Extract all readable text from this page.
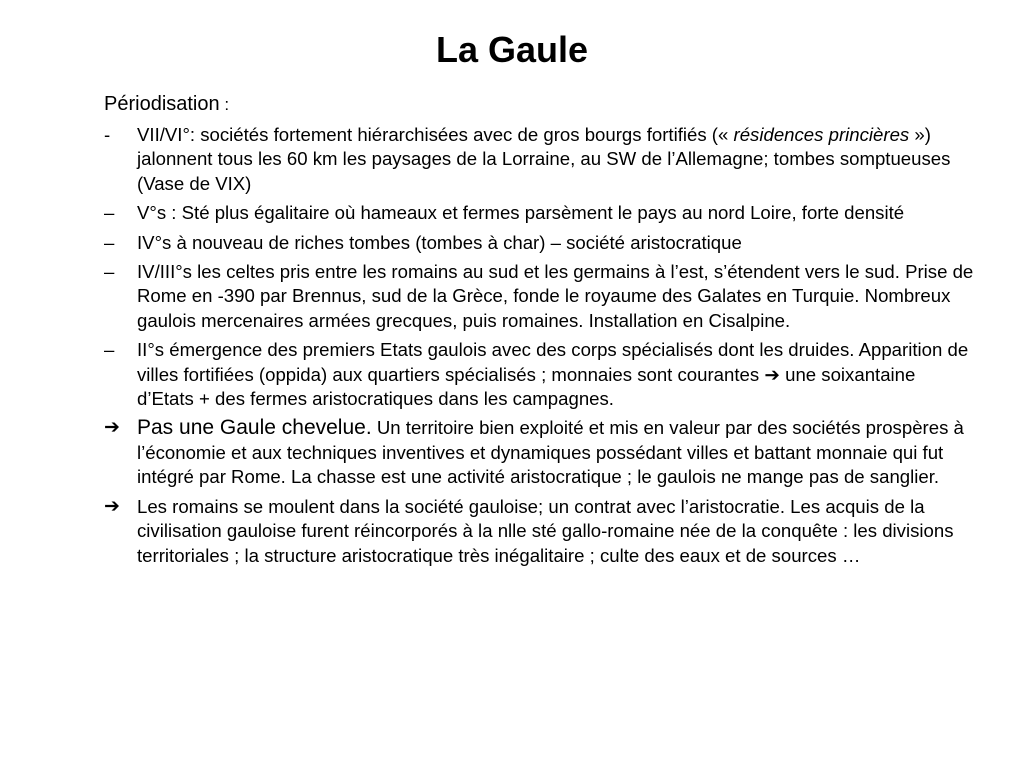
La Gaule
Périodisation :
-	VII/VI°: sociétés fortement hiérarchisées avec de gros bourgs fortifiés (« résidences princières ») jalonnent tous les 60 km les paysages de la Lorraine, au SW de l’Allemagne; tombes somptueuses (Vase de VIX)
–	V°s : Sté plus égalitaire où hameaux et fermes parsèment le pays au nord Loire, forte densité
–	IV°s à nouveau de riches tombes (tombes à char) – société aristocratique
–	IV/III°s les celtes pris entre les romains au sud et les germains à l’est, s’étendent vers le sud. Prise de Rome en -390 par Brennus, sud de la Grèce, fonde le royaume des Galates en Turquie. Nombreux gaulois mercenaires armées grecques, puis romaines. Installation en Cisalpine.
–	II°s émergence des premiers Etats gaulois avec des corps spécialisés dont les druides. Apparition de villes fortifiées (oppida) aux quartiers spécialisés ; monnaies sont courantes ➔ une soixantaine d’Etats + des fermes aristocratiques dans les campagnes.
➔ Pas une Gaule chevelue. Un territoire bien exploité et mis en valeur par des sociétés prospères à l’économie et aux techniques inventives et dynamiques possédant villes et battant monnaie qui fut intégré par Rome. La chasse est une activité aristocratique ; le gaulois ne mange pas de sanglier.
➔ Les romains se moulent dans la société gauloise; un contrat avec l’aristocratie. Les acquis de la civilisation gauloise furent réincorporés à la nlle sté gallo-romaine née de la conquête : les divisions territoriales ; la structure aristocratique très inégalitaire ; culte des eaux et de sources …
